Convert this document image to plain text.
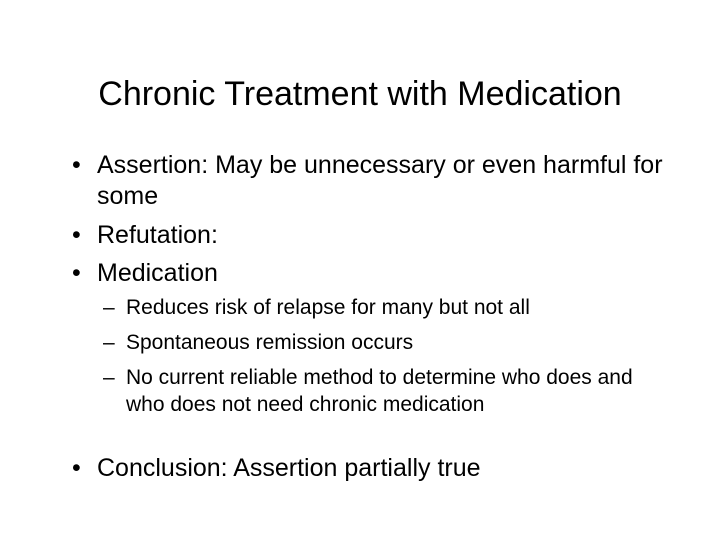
Chronic Treatment with Medication
• Assertion: May be unnecessary or even harmful for some
• Refutation:
• Medication
– Reduces risk of relapse for many but not all
– Spontaneous remission occurs
– No current reliable method to determine who does and who does not need chronic medication
• Conclusion: Assertion partially true
